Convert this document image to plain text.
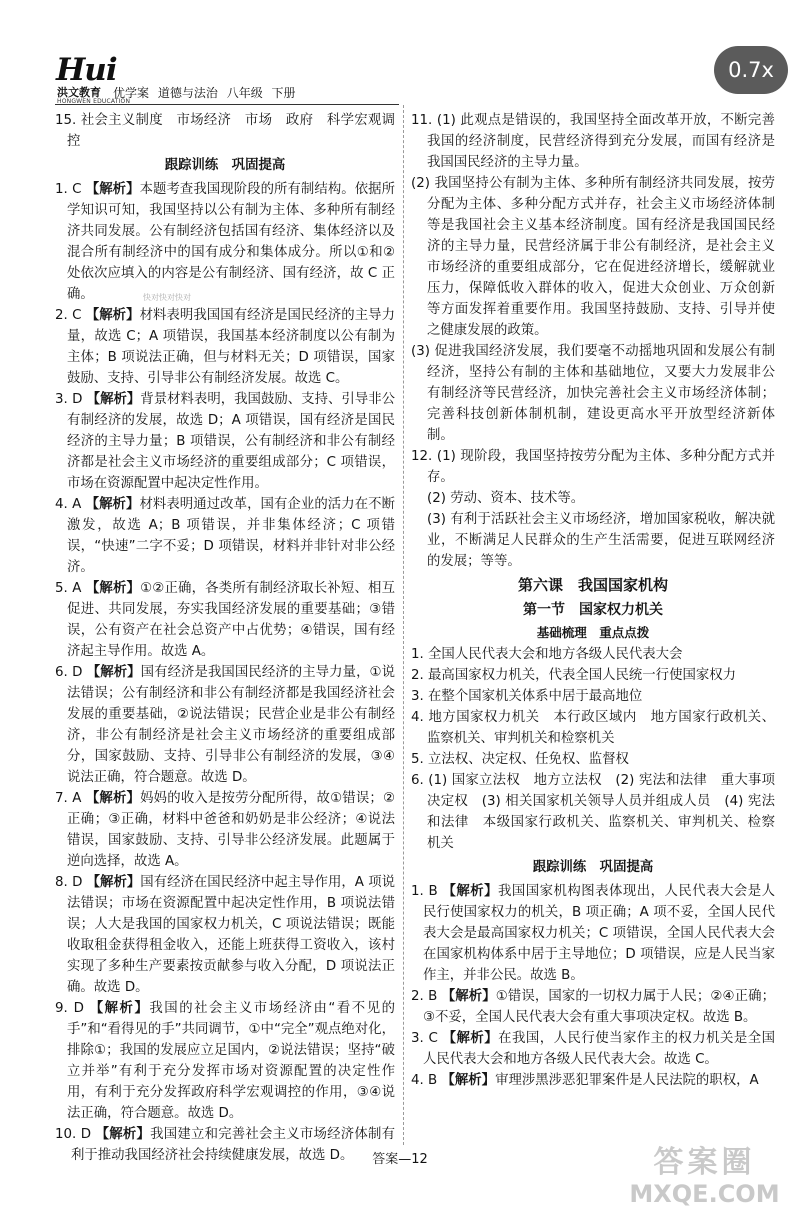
Hui
洪文教育
HONGWEN EDUCATION
优学案 道德与法治 八年级 下册
0.7x
快对快对快对

15. 社会主义制度　市场经济　市场　政府　科学宏观调控

跟踪训练　巩固提高

1. C 【解析】本题考查我国现阶段的所有制结构。依据所学知识可知，我国坚持以公有制为主体、多种所有制经济共同发展。公有制经济包括国有经济、集体经济以及混合所有制经济中的国有成分和集体成分。所以①和②处依次应填入的内容是公有制经济、国有经济，故 C 正确。

2. C 【解析】材料表明我国国有经济是国民经济的主导力量，故选 C；A 项错误，我国基本经济制度以公有制为主体；B 项说法正确，但与材料无关；D 项错误，国家鼓励、支持、引导非公有制经济发展。故选 C。

3. D 【解析】背景材料表明，我国鼓励、支持、引导非公有制经济的发展，故选 D；A 项错误，国有经济是国民经济的主导力量；B 项错误，公有制经济和非公有制经济都是社会主义市场经济的重要组成部分；C 项错误，市场在资源配置中起决定性作用。

4. A 【解析】材料表明通过改革，国有企业的活力在不断激发，故选 A；B 项错误，并非集体经济；C 项错误，“快速”二字不妥；D 项错误，材料并非针对非公经济。

5. A 【解析】①②正确，各类所有制经济取长补短、相互促进、共同发展，夯实我国经济发展的重要基础；③错误，公有资产在社会总资产中占优势；④错误，国有经济起主导作用。故选 A。

6. D 【解析】国有经济是我国国民经济的主导力量，①说法错误；公有制经济和非公有制经济都是我国经济社会发展的重要基础，②说法错误；民营企业是非公有制经济，非公有制经济是社会主义市场经济的重要组成部分，国家鼓励、支持、引导非公有制经济的发展，③④说法正确，符合题意。故选 D。

7. A 【解析】妈妈的收入是按劳分配所得，故①错误；②正确；③正确，材料中爸爸和奶奶是非公经济；④说法错误，国家鼓励、支持、引导非公经济发展。此题属于逆向选择，故选 A。

8. D 【解析】国有经济在国民经济中起主导作用，A 项说法错误；市场在资源配置中起决定性作用，B 项说法错误；人大是我国的国家权力机关，C 项说法错误；既能收取租金获得租金收入，还能上班获得工资收入，该村实现了多种生产要素按贡献参与收入分配，D 项说法正确。故选 D。

9. D 【解析】我国的社会主义市场经济由“看不见的手”和“看得见的手”共同调节，①中“完全”观点绝对化，排除①；我国的发展应立足国内，②说法错误；坚持“破立并举”有利于充分发挥市场对资源配置的决定性作用，有利于充分发挥政府科学宏观调控的作用，③④说法正确，符合题意。故选 D。

10. D 【解析】我国建立和完善社会主义市场经济体制有利于推动我国经济社会持续健康发展，故选 D。

11. (1) 此观点是错误的，我国坚持全面改革开放，不断完善我国的经济制度，民营经济得到充分发展，而国有经济是我国国民经济的主导力量。

(2) 我国坚持公有制为主体、多种所有制经济共同发展，按劳分配为主体、多种分配方式并存，社会主义市场经济体制等是我国社会主义基本经济制度。国有经济是我国国民经济的主导力量，民营经济属于非公有制经济，是社会主义市场经济的重要组成部分，它在促进经济增长，缓解就业压力，保障低收入群体的收入，促进大众创业、万众创新等方面发挥着重要作用。我国坚持鼓励、支持、引导并使之健康发展的政策。

(3) 促进我国经济发展，我们要毫不动摇地巩固和发展公有制经济，坚持公有制的主体和基础地位，又要大力发展非公有制经济等民营经济，加快完善社会主义市场经济体制；完善科技创新体制机制，建设更高水平开放型经济新体制。

12. (1) 现阶段，我国坚持按劳分配为主体、多种分配方式并存。

(2) 劳动、资本、技术等。

(3) 有利于活跃社会主义市场经济，增加国家税收，解决就业，不断满足人民群众的生产生活需要，促进互联网经济的发展；等等。

第六课　我国国家机构
第一节　国家权力机关
基础梳理　重点点拨

1. 全国人民代表大会和地方各级人民代表大会

2. 最高国家权力机关，代表全国人民统一行使国家权力

3. 在整个国家机关体系中居于最高地位

4. 地方国家权力机关　本行政区域内　地方国家行政机关、监察机关、审判机关和检察机关

5. 立法权、决定权、任免权、监督权

6. (1) 国家立法权　地方立法权　(2) 宪法和法律　重大事项决定权　(3) 相关国家机关领导人员并组成人员　(4) 宪法和法律　本级国家行政机关、监察机关、审判机关、检察机关

跟踪训练　巩固提高

1. B 【解析】我国国家机构图表体现出，人民代表大会是人民行使国家权力的机关，B 项正确；A 项不妥，全国人民代表大会是最高国家权力机关；C 项错误，全国人民代表大会在国家机构体系中居于主导地位；D 项错误，应是人民当家作主，并非公民。故选 B。

2. B 【解析】①错误，国家的一切权力属于人民；②④正确；③不妥，全国人民代表大会有重大事项决定权。故选 B。

3. C 【解析】在我国，人民行使当家作主的权力机关是全国人民代表大会和地方各级人民代表大会。故选 C。

4. B 【解析】审理涉黑涉恶犯罪案件是人民法院的职权，A

答案—12	答案圈
MXQE.COM
